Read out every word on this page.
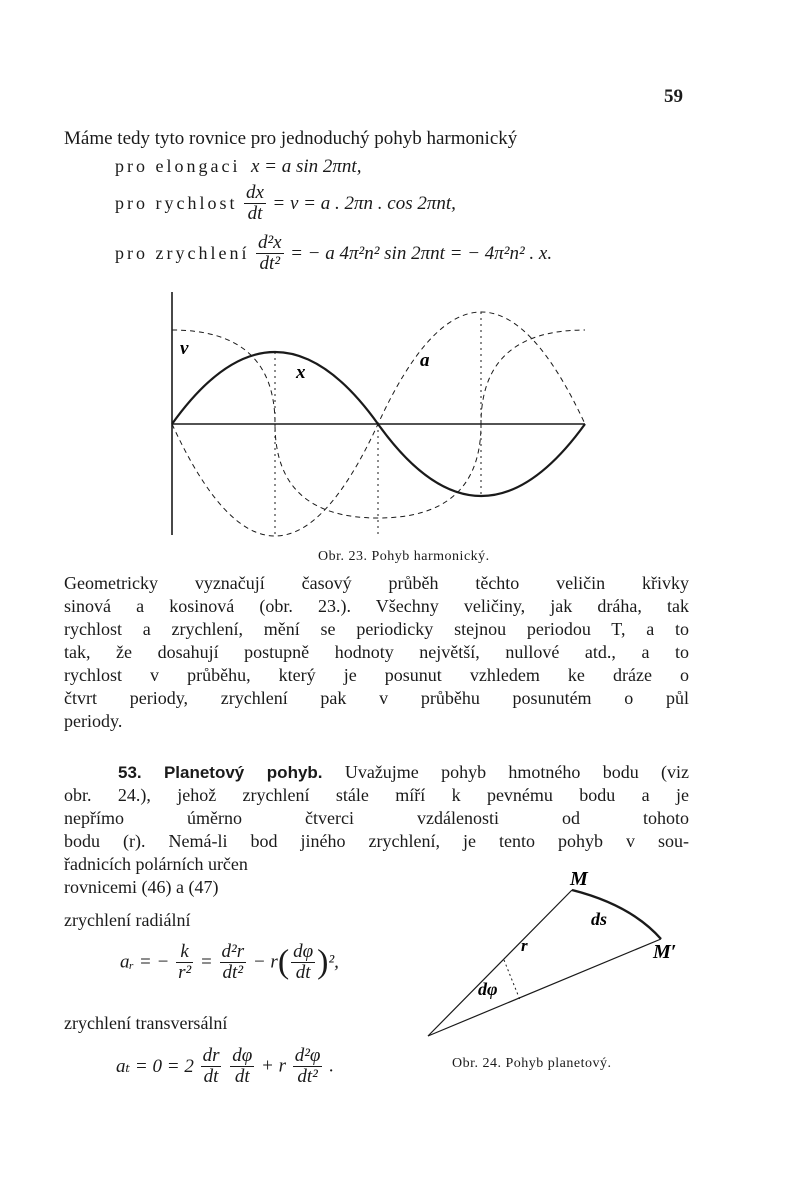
59
Máme tedy tyto rovnice pro jednoduchý pohyb harmonický
pro elongaci x = a sin 2πnt,
pro rychlost $\frac{dx}{dt} = v = a$ . 2πn . cos 2πnt,
pro zrychlení $\frac{\text{d²x}}{\text{dt²}}$ = − a 4π²n² sin 2πnt = − 4π²n² . x.
v
x
a
Obr. 23. Pohyb harmonický.
Geometricky vyznačují časový průběh těchto veličin křivky
sinová a kosinová (obr. 23.). Všechny veličiny, jak dráha, tak
rychlost a zrychlení, mění se periodicky stejnou periodou T, a to
tak, že dosahují postupně hodnoty největší, nullové atd., a to
rychlost v průběhu, který je posunut vzhledem ke dráze o
čtvrt periody, zrychlení pak v průběhu posunutém o půl
periody.
53. Planetový pohyb. Uvažujme pohyb hmotného bodu (viz
obr. 24.), jehož zrychlení stále míří k pevnému bodu a je
nepřímo úměrno čtverci vzdálenosti od tohoto
bodu (r). Nemá-li bod jiného zrychlení, je tento pohyb v sou-
řadnicích polárních určen
rovnicemi (46) a (47)
zrychlení radiální
aᵣ = − $\frac{k}{\text{r²}} = \frac{\text{d²r}}{\text{dt²}} - r( \frac{d\varphi}{dt} )^2$,
zrychlení transversální
$a_t = 0 = 2 \frac{dr}{dt}$
$\frac{d\varphi}{dt} + r \frac{\text{d²φ}}{\text{dt²}}$ .
M
M′
ds
r
dφ
Obr. 24. Pohyb planetový.
